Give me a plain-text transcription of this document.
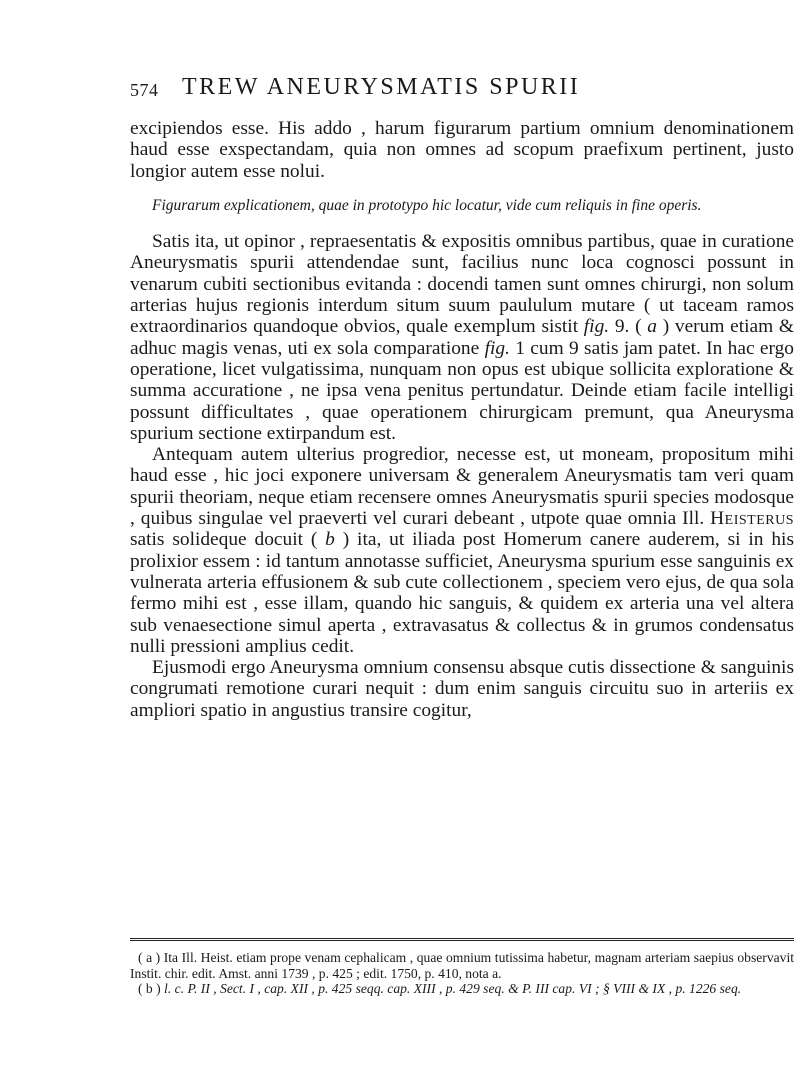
574 TREW ANEURYSMATIS SPURII

excipiendos esse. His addo , harum figurarum partium omnium denominationem haud esse exspectandam, quia non omnes ad scopum praefixum pertinent, justo longior autem esse nolui.

Figurarum explicationem, quae in prototypo hic locatur, vide cum reliquis in fine operis.

Satis ita, ut opinor , repraesentatis & expositis omnibus partibus, quae in curatione Aneurysmatis spurii attendendae sunt, facilius nunc loca cognosci possunt in venarum cubiti sectionibus evitanda : docendi tamen sunt omnes chirurgi, non solum arterias hujus regionis interdum situm suum paululum mutare ( ut taceam ramos extraordinarios quandoque obvios, quale exemplum sistit fig. 9. ( a ) verum etiam & adhuc magis venas, uti ex sola comparatione fig. 1 cum 9 satis jam patet. In hac ergo operatione, licet vulgatissima, nunquam non opus est ubique sollicita exploratione & summa accuratione , ne ipsa vena penitus pertundatur. Deinde etiam facile intelligi possunt difficultates , quae operationem chirurgicam premunt, qua Aneurysma spurium sectione extirpandum est.

Antequam autem ulterius progredior, necesse est, ut moneam, propositum mihi haud esse , hic joci exponere universam & generalem Aneurysmatis tam veri quam spurii theoriam, neque etiam recensere omnes Aneurysmatis spurii species modosque , quibus singulae vel praeverti vel curari debeant , utpote quae omnia Ill. Heisterus satis solideque docuit ( b ) ita, ut iliada post Homerum canere auderem, si in his prolixior essem : id tantum annotasse sufficiet, Aneurysma spurium esse sanguinis ex vulnerata arteria effusionem & sub cute collectionem , speciem vero ejus, de qua sola fermo mihi est , esse illam, quando hic sanguis, & quidem ex arteria una vel altera sub venaesectione simul aperta , extravasatus & collectus & in grumos condensatus nulli pressioni amplius cedit.

Ejusmodi ergo Aneurysma omnium consensu absque cutis dissectione & sanguinis congrumati remotione curari nequit : dum enim sanguis circuitu suo in arteriis ex ampliori spatio in angustius transire cogitur,

( a ) Ita Ill. Heist. etiam prope venam cephalicam , quae omnium tutissima habetur, magnam arteriam saepius observavit Instit. chir. edit. Amst. anni 1739 , p. 425 ; edit. 1750, p. 410, nota a.

( b ) l. c. P. II , Sect. I , cap. XII , p. 425 seqq. cap. XIII , p. 429 seq. & P. III cap. VI ; § VIII & IX , p. 1226 seq.
